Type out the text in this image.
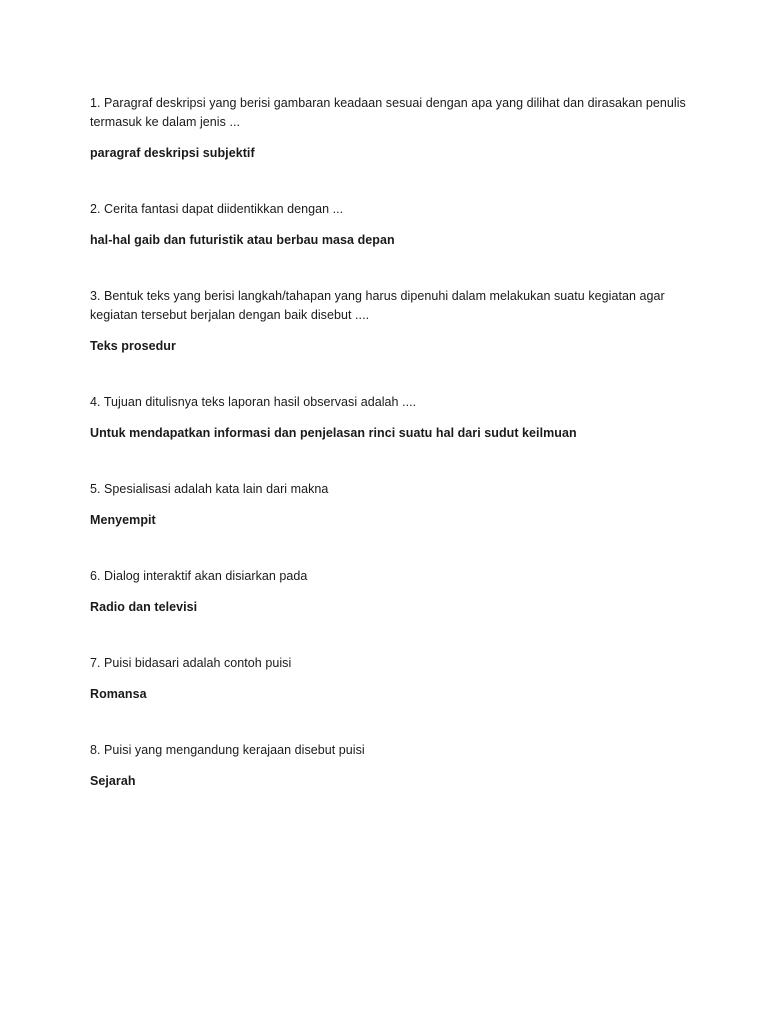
1. Paragraf deskripsi yang berisi gambaran keadaan sesuai dengan apa yang dilihat dan dirasakan penulis termasuk ke dalam jenis ...

paragraf deskripsi subjektif

2. Cerita fantasi dapat diidentikkan dengan ...

hal-hal gaib dan futuristik atau berbau masa depan

3. Bentuk teks yang berisi langkah/tahapan yang harus dipenuhi dalam melakukan suatu kegiatan agar kegiatan tersebut berjalan dengan baik disebut ....

Teks prosedur

4. Tujuan ditulisnya teks laporan hasil observasi adalah ....

Untuk mendapatkan informasi dan penjelasan rinci suatu hal dari sudut keilmuan

5. Spesialisasi adalah kata lain dari makna

Menyempit

6. Dialog interaktif akan disiarkan pada

Radio dan televisi

7. Puisi bidasari adalah contoh puisi

Romansa

8. Puisi yang mengandung kerajaan disebut puisi

Sejarah
